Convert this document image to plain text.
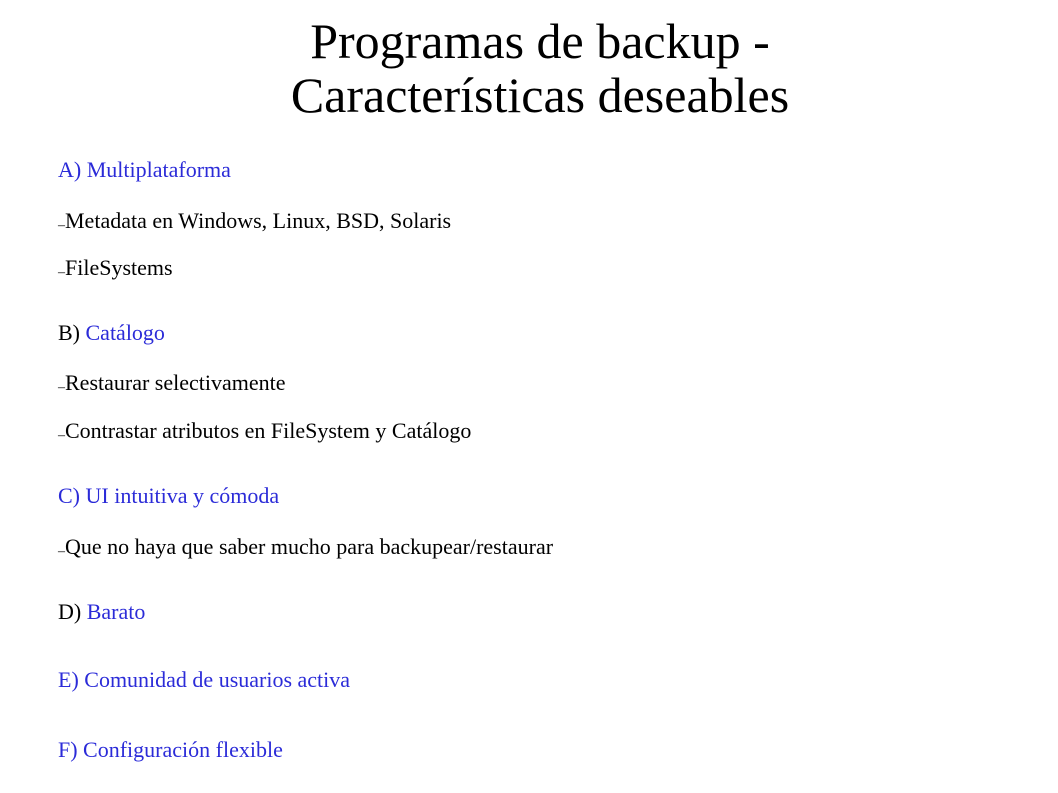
Programas de backup -
Características deseables
A) Multiplataforma
–Metadata en Windows, Linux, BSD, Solaris
–FileSystems
B) Catálogo
–Restaurar selectivamente
–Contrastar atributos en FileSystem y Catálogo
C) UI intuitiva y cómoda
–Que no haya que saber mucho para backupear/restaurar
D) Barato
E) Comunidad de usuarios activa
F) Configuración flexible
